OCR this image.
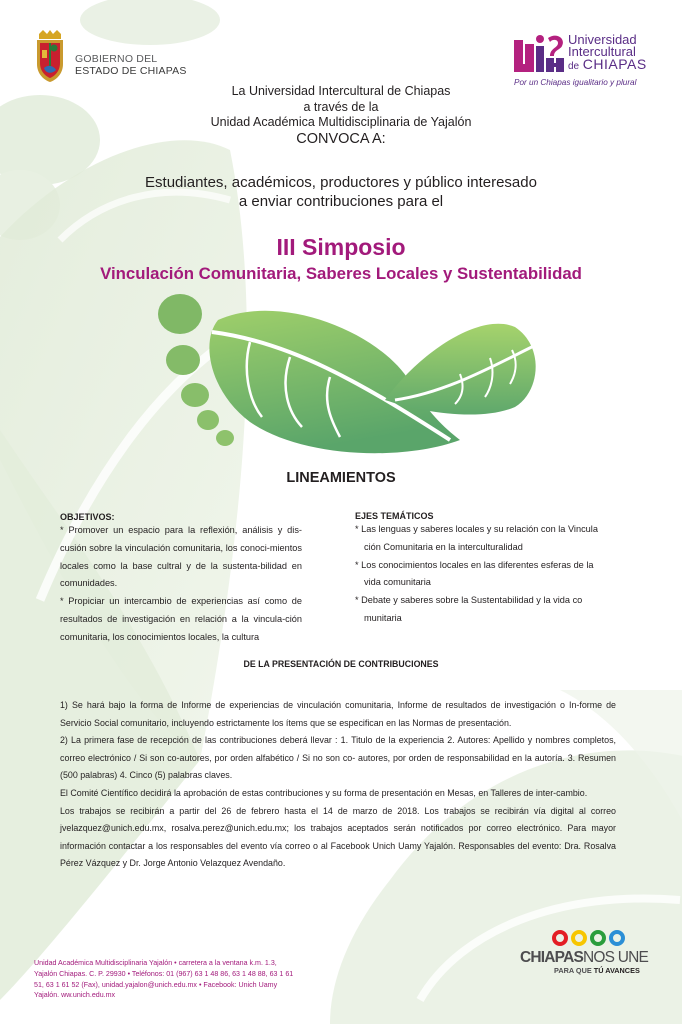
GOBIERNO DEL
ESTADO DE CHIAPAS
Universidad
Intercultural
de CHIAPAS
Por un Chiapas igualitario y plural
La Universidad Intercultural de Chiapas
a través de la
Unidad Académica Multidisciplinaria de Yajalón
CONVOCA A:
Estudiantes, académicos, productores y público interesado
a enviar contribuciones para el
III Simposio
Vinculación Comunitaria, Saberes Locales y Sustentabilidad
LINEAMIENTOS
OBJETIVOS:
* Promover un espacio para la reflexión, análisis y dis-cusión sobre la vinculación comunitaria, los conoci-mientos locales como la base cultral y de la sustenta-bilidad en comunidades.
* Propiciar un intercambio de experiencias así como de resultados de investigación en relación a la vincula-ción comunitaria, los conocimientos locales, la cultura
EJES TEMÁTICOS
* Las lenguas y saberes locales y su relación con la Vincula
ción Comunitaria en la interculturalidad
* Los conocimientos locales en las diferentes esferas de la
vida comunitaria
* Debate y saberes sobre la Sustentabilidad y la vida co
munitaria
DE LA PRESENTACIÓN DE CONTRIBUCIONES

1) Se hará bajo la forma de Informe de experiencias de vinculación comunitaria, Informe de resultados de investigación o In-forme de Servicio Social comunitario, incluyendo estrictamente los ítems que se especifican en las Normas de presentación.

2) La primera fase de recepción de las contribuciones deberá llevar : 1. Titulo de la experiencia 2. Autores: Apellido y nombres completos, correo electrónico / Si son co-autores, por orden alfabético / Si no son co- autores, por orden de responsabilidad en la autoría. 3. Resumen (500 palabras) 4. Cinco (5) palabras claves.

El Comité Científico decidirá la aprobación de estas contribuciones y su forma de presentación en Mesas, en Talleres de inter-cambio.

Los trabajos se recibirán a partir del 26 de febrero hasta el 14 de marzo de 2018. Los trabajos se recibirán vía digital al correo jvelazquez@unich.edu.mx, rosalva.perez@unich.edu.mx; los trabajos aceptados serán notificados por correo electrónico. Para mayor información contactar a los responsables del evento vía correo o al Facebook Unich Uamy Yajalón. Responsables del evento: Dra. Rosalva Pérez Vázquez y Dr. Jorge Antonio Velazquez Avendaño.

Unidad Académica Multidisciplinaria Yajalón • carretera a la ventana k.m. 1.3, Yajalón Chiapas. C. P. 29930 • Teléfonos: 01 (967) 63 1 48 86, 63 1 48 88, 63 1 61 51, 63 1 61 52 (Fax), unidad.yajalon@unich.edu.mx • Facebook: Unich Uamy Yajalón. ww.unich.edu.mx
CHIAPASNOS UNE
PARA QUE TÚ AVANCES
